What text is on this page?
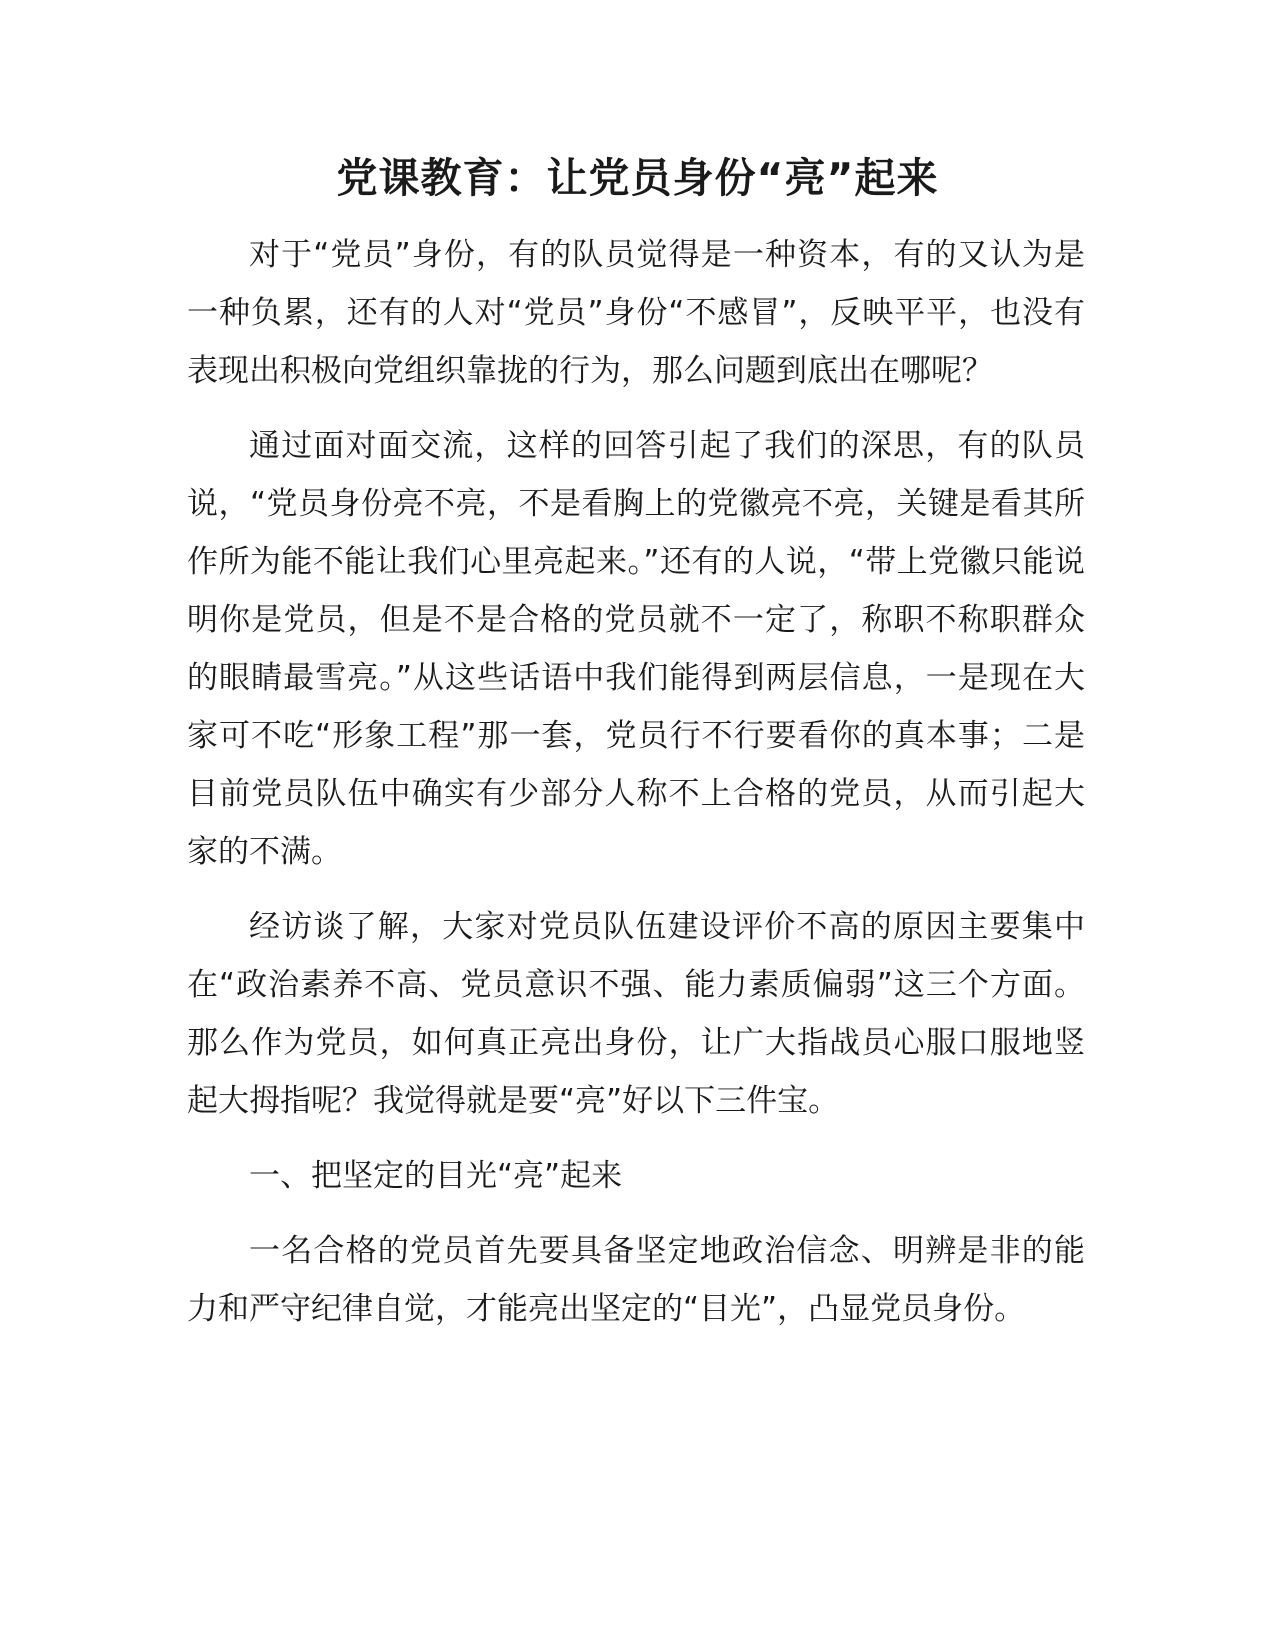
党课教育：让党员身份“亮”起来

对于“党员”身份，有的队员觉得是一种资本，有的又认为是一种负累，还有的人对“党员”身份“不感冒”，反映平平，也没有表现出积极向党组织靠拢的行为，那么问题到底出在哪呢？

通过面对面交流，这样的回答引起了我们的深思，有的队员说，“党员身份亮不亮，不是看胸上的党徽亮不亮，关键是看其所作所为能不能让我们心里亮起来。”还有的人说，“带上党徽只能说明你是党员，但是不是合格的党员就不一定了，称职不称职群众的眼睛最雪亮。”从这些话语中我们能得到两层信息，一是现在大家可不吃“形象工程”那一套，党员行不行要看你的真本事；二是目前党员队伍中确实有少部分人称不上合格的党员，从而引起大家的不满。

经访谈了解，大家对党员队伍建设评价不高的原因主要集中在“政治素养不高、党员意识不强、能力素质偏弱”这三个方面。那么作为党员，如何真正亮出身份，让广大指战员心服口服地竖起大拇指呢？我觉得就是要“亮”好以下三件宝。

一、把坚定的目光“亮”起来

一名合格的党员首先要具备坚定地政治信念、明辨是非的能力和严守纪律自觉，才能亮出坚定的“目光”，凸显党员身份。
